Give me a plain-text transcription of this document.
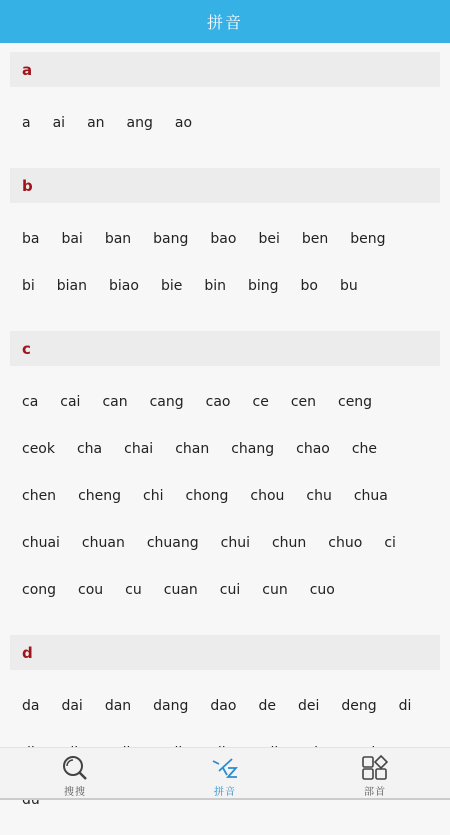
拼音
a
a ai an ang ao
b
ba bai ban bang bao bei ben beng
bi bian biao bie bin bing bo bu
c
ca cai can cang cao ce cen ceng
ceok cha chai chan chang chao che
chen cheng chi chong chou chu chua
chuai chuan chuang chui chun chuo ci
cong cou cu cuan cui cun cuo
d
da dai dan dang dao de dei deng di
搜搜	拼音	部首
